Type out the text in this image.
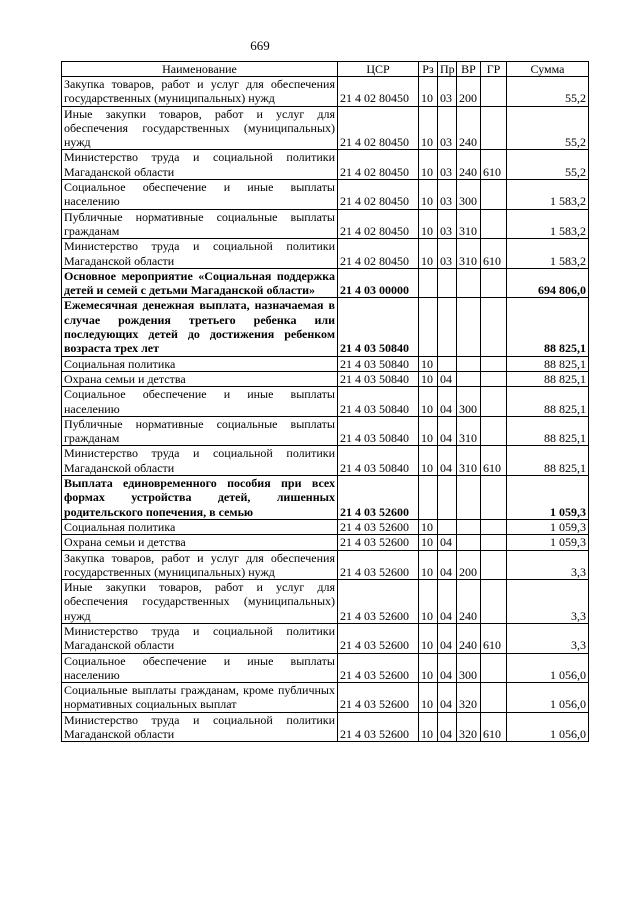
669
Наименование	ЦСР	Рз	Пр	ВР	ГР	Сумма
Закупка товаров, работ и услуг для обеспечения государственных (муниципальных) нужд	21 4 02 80450	10	03	200		55,2
Иные закупки товаров, работ и услуг для обеспечения государственных (муниципальных) нужд	21 4 02 80450	10	03	240		55,2
Министерство труда и социальной политики Магаданской области	21 4 02 80450	10	03	240	610	55,2
Социальное обеспечение и иные выплаты населению	21 4 02 80450	10	03	300		1 583,2
Публичные нормативные социальные выплаты гражданам	21 4 02 80450	10	03	310		1 583,2
Министерство труда и социальной политики Магаданской области	21 4 02 80450	10	03	310	610	1 583,2
Основное мероприятие «Социальная поддержка детей и семей с детьми Магаданской области»	21 4 03 00000					694 806,0
Ежемесячная денежная выплата, назначаемая в случае рождения третьего ребенка или последующих детей до достижения ребенком возраста трех лет	21 4 03 50840					88 825,1
Социальная политика	21 4 03 50840	10				88 825,1
Охрана семьи и детства	21 4 03 50840	10	04			88 825,1
Социальное обеспечение и иные выплаты населению	21 4 03 50840	10	04	300		88 825,1
Публичные нормативные социальные выплаты гражданам	21 4 03 50840	10	04	310		88 825,1
Министерство труда и социальной политики Магаданской области	21 4 03 50840	10	04	310	610	88 825,1
Выплата единовременного пособия при всех формах устройства детей, лишенных родительского попечения, в семью	21 4 03 52600					1 059,3
Социальная политика	21 4 03 52600	10				1 059,3
Охрана семьи и детства	21 4 03 52600	10	04			1 059,3
Закупка товаров, работ и услуг для обеспечения государственных (муниципальных) нужд	21 4 03 52600	10	04	200		3,3
Иные закупки товаров, работ и услуг для обеспечения государственных (муниципальных) нужд	21 4 03 52600	10	04	240		3,3
Министерство труда и социальной политики Магаданской области	21 4 03 52600	10	04	240	610	3,3
Социальное обеспечение и иные выплаты населению	21 4 03 52600	10	04	300		1 056,0
Социальные выплаты гражданам, кроме публичных нормативных социальных выплат	21 4 03 52600	10	04	320		1 056,0
Министерство труда и социальной политики Магаданской области	21 4 03 52600	10	04	320	610	1 056,0
